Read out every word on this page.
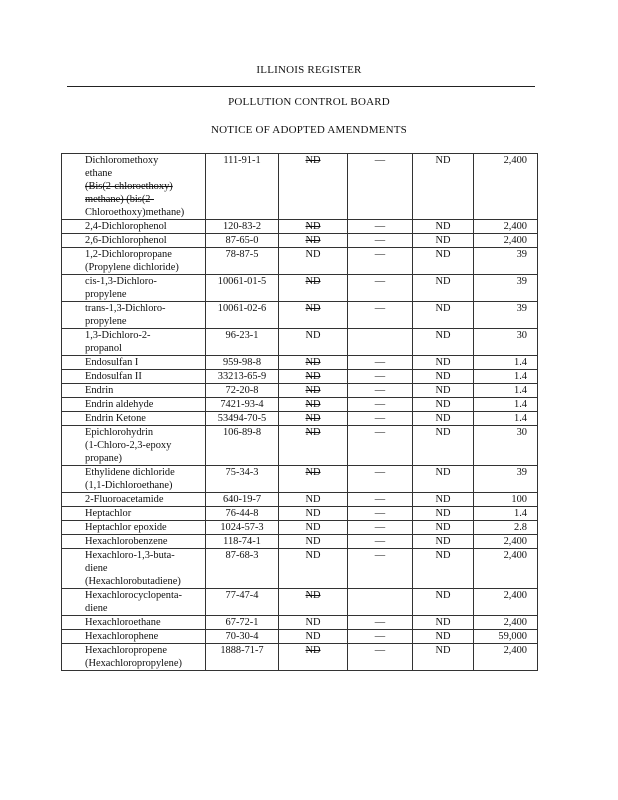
ILLINOIS REGISTER
POLLUTION CONTROL BOARD
NOTICE OF ADOPTED AMENDMENTS
Dichloromethoxy
ethane
(Bis(2-chloroethoxy)
methane) (bis(2-
Chloroethoxy)methane)	111-91-1	ND	—	ND	2,400

2,4-Dichlorophenol	120-83-2	ND	—	ND	2,400

2,6-Dichlorophenol	87-65-0	ND	—	ND	2,400

1,2-Dichloropropane
(Propylene dichloride)	78-87-5	ND	—	ND	39

cis-1,3-Dichloro-
propylene	10061-01-5	ND	—	ND	39

trans-1,3-Dichloro-
propylene	10061-02-6	ND	—	ND	39

1,3-Dichloro-2-
propanol	96-23-1	ND		ND	30

Endosulfan I	959-98-8	ND	—	ND	1.4

Endosulfan II	33213-65-9	ND	—	ND	1.4

Endrin	72-20-8	ND	—	ND	1.4

Endrin aldehyde	7421-93-4	ND	—	ND	1.4

Endrin Ketone	53494-70-5	ND	—	ND	1.4

Epichlorohydrin
(1-Chloro-2,3-epoxy
propane)	106-89-8	ND	—	ND	30

Ethylidene dichloride
(1,1-Dichloroethane)	75-34-3	ND	—	ND	39

2-Fluoroacetamide	640-19-7	ND	—	ND	100

Heptachlor	76-44-8	ND	—	ND	1.4

Heptachlor epoxide	1024-57-3	ND	—	ND	2.8

Hexachlorobenzene	118-74-1	ND	—	ND	2,400

Hexachloro-1,3-buta-
diene
(Hexachlorobutadiene)	87-68-3	ND	—	ND	2,400

Hexachlorocyclopenta-
diene	77-47-4	ND		ND	2,400

Hexachloroethane	67-72-1	ND	—	ND	2,400

Hexachlorophene	70-30-4	ND	—	ND	59,000

Hexachloropropene
(Hexachloropropylene)	1888-71-7	ND	—	ND	2,400
